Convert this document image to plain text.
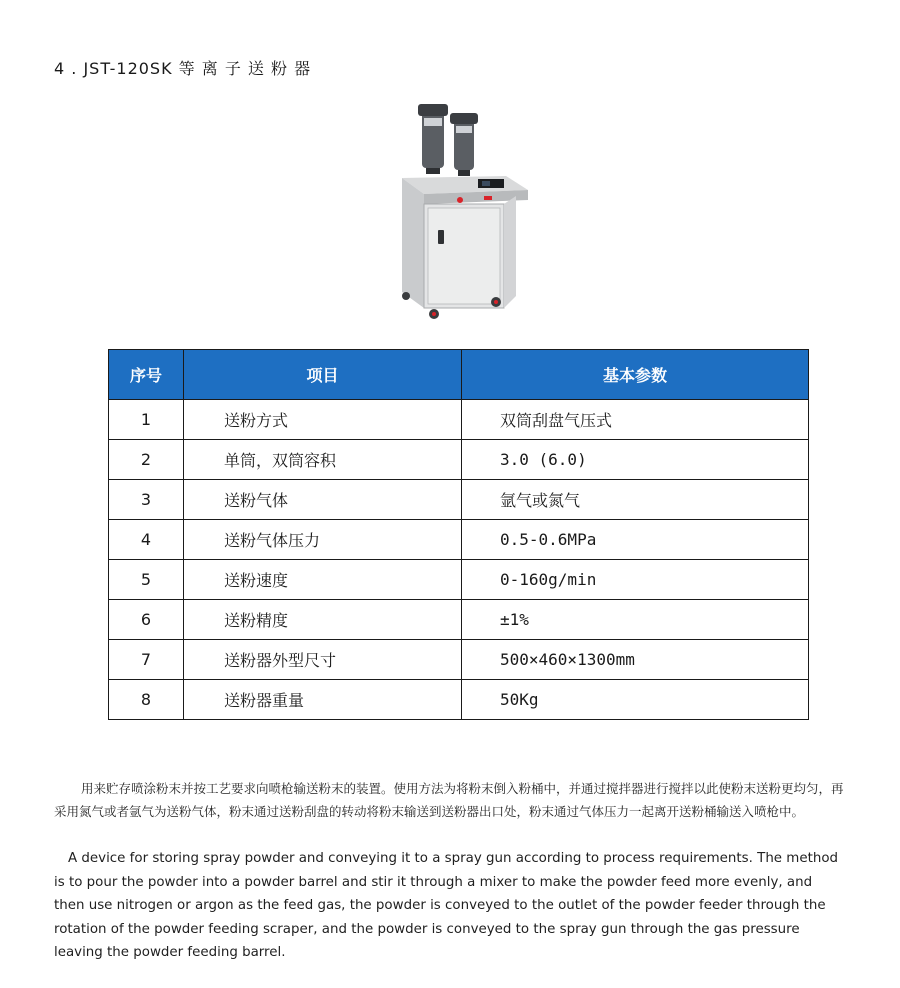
4 . JST-120SK 等 离 子 送 粉 器
序号	项目	基本参数
1	送粉方式	双筒刮盘气压式
2	单筒，双筒容积	3.0 (6.0)
3	送粉气体	氩气或氮气
4	送粉气体压力	0.5-0.6MPa
5	送粉速度	0-160g/min
6	送粉精度	±1%
7	送粉器外型尺寸	500×460×1300mm
8	送粉器重量	50Kg

用来贮存喷涂粉末并按工艺要求向喷枪输送粉末的装置。使用方法为将粉末倒入粉桶中，并通过搅拌器进行搅拌以此使粉末送粉更均匀，再采用氮气或者氩气为送粉气体，粉末通过送粉刮盘的转动将粉末输送到送粉器出口处，粉末通过气体压力一起离开送粉桶输送入喷枪中。

A device for storing spray powder and conveying it to a spray gun according to process requirements. The method is to pour the powder into a powder barrel and stir it through a mixer to make the powder feed more evenly, and then use nitrogen or argon as the feed gas, the powder is conveyed to the outlet of the powder feeder through the rotation of the powder feeding scraper, and the powder is conveyed to the spray gun through the gas pressure leaving the powder feeding barrel.
